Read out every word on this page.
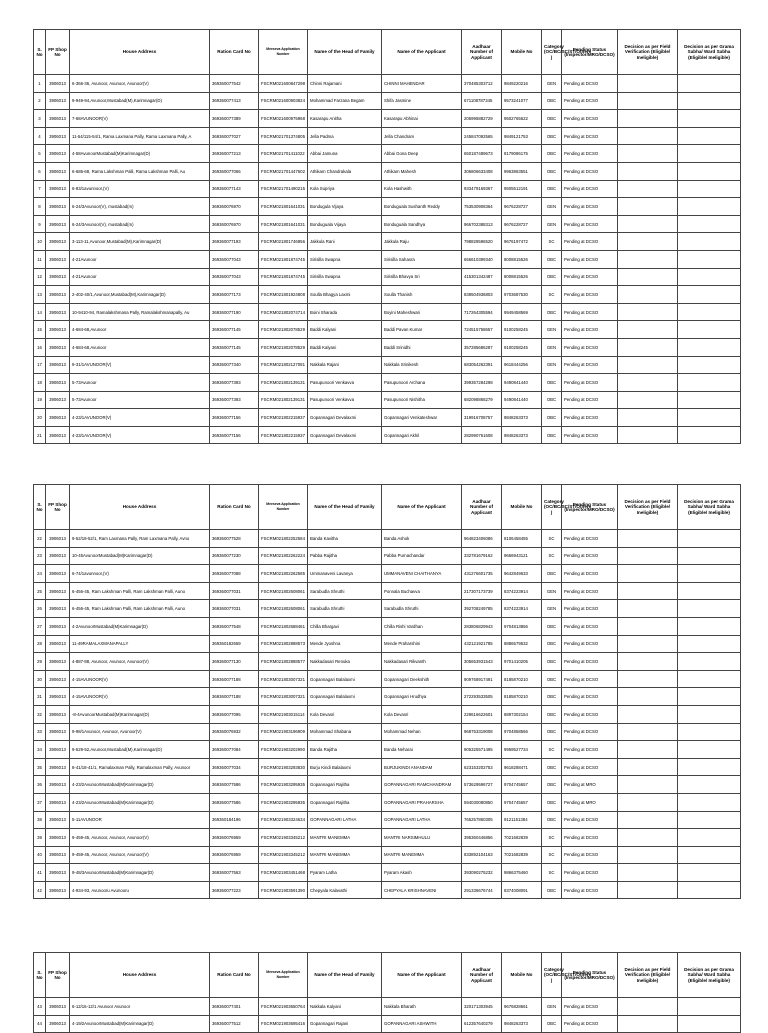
S. No	FP Shop No	House Address	Ration Card No	Meeseva Application Number	Name of the Head of Family	Name of the Applicant	Aadhaar Number of Applicant	Mobile No	Category (OC/BC/SC/ST/Others )	Pending Status (Inspector/MRO/DCSO)	Decision as per Field Verification (Eligible/ Ineligible)	Decision as per Grama Sabha/ Ward Sabha (Eligible/ Ineligible)
1	3906013	6-366-36, Avunoor, Avunoor, Avunoor(V)	369360077542	FSCRM021600847298	Chinni Rajamani	CHINNI MAHENDAR	370485303712	9849220216	GEN	Pending at DCSO		
2	3906013	9-949-94,Avunoor,Mustabad(M),Karimnagar(D)	369360077413	FSCRM021600903824	Mohammad Farzana Begam	Shifa Jasmine	671108787345	9573241077	OBC	Pending at DCSO		
3	3906013	7-68AVUNOOR(V)	369360077389	FSCRM021600975968	Kasarapu Anitha	Kasarapu Abhinai	206995882729	9502765622	OBC	Pending at DCSO		
4	3906013	11-54/115-54/1, Rama Laxmana Pally, Rama Laxmana Pally, A	369360077027	FSCRM021701374805	Jella Padma	Jella Chandram	245847092565	9849121753	OBC	Pending at DCSO		
5	3906013	4-58AvunoorMustabad(M)Karimnagar(D)	369360077213	FSCRM021701411022	Abbai Jamuna	Abbai Gona Deep	650187489673	8179086175	OBC	Pending at DCSO		
6	3906013	6-686-68, Rama Lakshman Palli, Rama Lakshman Palli, Au	369360077066	FSCRM021701447602	Athikam Chandrakala	Athikam Mahesh	306806633408	9963863551	OBC	Pending at DCSO		
7	3906013	6-83/1avunnoor,(V)	369360077143	FSCRM021701490215	Kola Supriya	Kola Hashwith	933479169367	9505512191	OBC	Pending at DCSO		
8	3906013	6-24/3Avunoor(V), mustabad(m)	369360076970	FSCRM021801641031	Bondugula Vijaya	Bonduguala Sushanth Reddy	753530908364	9676228727	GEN	Pending at DCSO		
9	3906013	6-24/3Avunoor(V), mustabad(m)	369360076970	FSCRM021801641031	Bonduguala Vijaya	Bonduguala Sandhya	966702388313	9676228727	GEN	Pending at DCSO		
10	3906013	3-113-11,Avunoor,Mustabad(M),Karimnagar(D)	369360077193	FSCRM021801746956	Jakkula Rani	Jakkula Raju	798828596520	9676197472	SC	Pending at DCSO		
11	3906013	4-21Avunoor	369360077043	FSCRM021801874745	Sirisilla Swapna	Sirisilla Sahasra	656610399340	8008815526	OBC	Pending at DCSO		
12	3906013	4-21Avunoor	369360077043	FSCRM021801874745	Sirisilla Swapna	Sirisilla Bhavya Sri	415301342487	8008815526	OBC	Pending at DCSO		
13	3906013	2-402-40/1,Avunoor,Mustabad(M),Karimnagar(D)	369360077173	FSCRM021801924808	Soulla Bhagya Laxmi	Soulla Thanish	839504936803	9703687530	SC	Pending at DCSO		
14	3906013	10-9410-94, Ramalakshmana Pally, Ramalakshmanapally, Au	369360077190	FSCRM021802074714	Boini Sharada	Boyini Maheshwari	717264305594	9949458569	OBC	Pending at DCSO		
15	3906013	4-684-68,Avunoor	369360077145	FSCRM021802078529	Baddi Kalyani	Baddi Pavan Kumar	724515758657	9100258245	GEN	Pending at DCSO		
16	3906013	4-684-68,Avunoor	369360077145	FSCRM021802078529	Baddi Kalyani	Baddi Srinidhi	357285686287	9100258245	GEN	Pending at DCSO		
17	3906013	9-31/1AVUNOOR(V)	369360077340	FSCRM021802127081	Nakkala Rajani	Nakkala Srinikesh	683054262391	9618444256	GEN	Pending at DCSO		
18	3906013	5-73Avunoor	369360077393	FSCRM021802139131	Pasupunoori Venkavva	Pasupunoori Archana	399357284298	9490841440	OBC	Pending at DCSO		
19	3906013	5-73Avunoor	369360077393	FSCRM021802139131	Pasupunoori Venkavva	Pasupunoori Nishitha	682098868279	9490841440	OBC	Pending at DCSO		
20	3906013	4-23/1AVUNOOR(V)	369360077156	FSCRM021802215937	Gopannagari Devalaxmi	Gopannagari Venkateshwar	319916708757	9848263373	OBC	Pending at DCSO		
21	3906013	4-23/1AVUNOOR(V)	369360077156	FSCRM021802215937	Gopannagari Devalaxmi	Gopannagari Akhil	282990761608	9848263373	OBC	Pending at DCSO		
S. No	FP Shop No	House Address	Ration Card No	Meeseva Application Number	Name of the Head of Family	Name of the Applicant	Aadhaar Number of Applicant	Mobile No	Category (OC/BC/SC/ST/Others )	Pending Status (Inspector/MRO/DCSO)	Decision as per Field Verification (Eligible/ Ineligible)	Decision as per Grama Sabha/ Ward Sabha (Eligible/ Ineligible)
22	3906013	9-52/19-52/1, Ram Laxmana Pally, Ram Laxmana Pally, Avno	369360077528	FSCRM021802252584	Banda Kavitha	Banda Ashok	964823406086	8106458455	SC	Pending at DCSO		
23	3906013	10-45AvunoorMustabad(M)Karimnagar(D)	369360077230	FSCRM021802262224	Pabba Rajitha	Pabba Purnachandar	332781679162	9666943121	SC	Pending at DCSO		
24	3906013	6-74/1avunnoor,(V)	369360077088	FSCRM021802262585	Ummanaveni Lavanya	UMMANAVENI CHAITHANYA	431276601735	9642849633	OBC	Pending at DCSO		
25	3906013	6-456-45, Ram Lakshman Palli, Ram Lakshman Palli, Auno	369360077031	FSCRM021802608061	Sarabudla Shruthi	Ponnala Buchavva	217307173739	8374223914	GEN	Pending at DCSO		
26	3906013	6-456-45, Ram Lakshman Palli, Ram Lakshman Palli, Auno	369360077031	FSCRM021802608061	Sarabudla Shruthi	Sarabudla Shruthi	392708249785	8374223914	GEN	Pending at DCSO		
27	3906013	4-2AvunoorMustabad(M)Karimnagar(D)	369360077548	FSCRM021802688461	Chilla Bhargavi	Chilla Rishi Vardhan	283806829943	9704813856	OBC	Pending at DCSO		
28	3906013	11-49RAMALAXMANAPALLY	369360182659	FSCRM021802888573	Mende Jyoshna	Mende Praharshini	432121921785	8886579532	OBC	Pending at DCSO		
29	3906013	4-887-88, Avunoor, Avunoor, Avunoor(V)	369360077130	FSCRM021802888577	Nakkadasari Renuka	Nakkadasari Rikvanth	305653931543	9701410205	OBC	Pending at DCSO		
30	3906013	4-15AVUNOOR(V)	369360077188	FSCRM021803007321	Gopannagari Balalaxmi	Gopannagari Deekshith	909768917491	8185870210	OBC	Pending at DCSO		
31	3906013	4-15AVUNOOR(V)	369360077188	FSCRM021803007321	Gopannagari Balalaxmi	Gopannagari Hrudhya	272293533505	8185870210	OBC	Pending at DCSO		
32	3906013	-8-4AvunoorMustabad(M)Karimnagar(D)	369360077095	FSCRM021903015114	Kola Devasri	Kola Devasri	229616622601	8897302154	OBC	Pending at DCSO		
33	3906013	9-98/1Avunoor, Avunoor, Avunoor(V)	369360076932	FSCRM021903196909	Mohammad Shabana	Mohammad Nehan	968753319008	9704858566	OBC	Pending at DCSO		
34	3906013	9-529-52,Avunoor,Mustabad(M),Karimnagar(D)	369360077084	FSCRM021903202990	Banda Rajitha	Banda Neharai	905325571495	9959527734	SC	Pending at DCSO		
35	3906013	8-41/18-41/1, Ramalaxman Pally, Ramalaxman Pally, Avunoor	369360077034	FSCRM021903293830	Burju Kindi Balalaxmi	BURJUKINDI ANANDAM	623153202753	9618288471	OBC	Pending at DCSO		
36	3906013	4-23/2AvunoorMustabad(M)Karimnagar(D)	369360077586	FSCRM021903295935	Gopannagari Rajitha	GOPANNAGARI RAMCHANDRAM	573629596727	9704745657	OBC	Pending at MRO		
37	3906013	4-23/2AvunoorMustabad(M)Karimnagar(D)	369360077586	FSCRM021903295935	Gopannagari Rajitha	GOPANNAGARI PRAHARSHA	594030080850	9704745657	OBC	Pending at MRO		
38	3906013	5-11AVUNOOR	369360184196	FSCRM021903324634	GOPANNAGARI LATHA	GOPANNAGARI LATHA	765257860305	9121151384	OBC	Pending at DCSO		
39	3906013	9-459-45, Avunoor, Avunoor, Avunoor(V)	369360076959	FSCRM021903345212	MANTRI MANEMMA	MANTRI NARSIMHULU	395360446856	7021682839	SC	Pending at DCSO		
40	3906013	9-459-45, Avunoor, Avunoor, Avunoor(V)	369360076959	FSCRM021903345212	MANTRI MANEMMA	MANTRI MANEMMA	833892104163	7021682839	SC	Pending at DCSO		
41	3906013	9-48/3AvunoorMustabad(M)Karimnagar(D)	369360077563	FSCRM021903451468	Pyaram Latha	Pyaram Akash	393090275232	9866375460	SC	Pending at DCSO		
42	3906013	4-934-93, Avunooru Avunooru	369360077223	FSCRM021903591390	Chepyala Kalavathi	CHEPYALA KRISHNAVENI	291336676744	8374008091	OBC	Pending at DCSO		
S. No	FP Shop No	House Address	Ration Card No	Meeseva Application Number	Name of the Head of Family	Name of the Applicant	Aadhaar Number of Applicant	Mobile No	Category (OC/BC/SC/ST/Others )	Pending Status (Inspector/MRO/DCSO)	Decision as per Field Verification (Eligible/ Ineligible)	Decision as per Grama Sabha/ Ward Sabha (Eligible/ Ineligible)
43	3906013	6-12/16-12/1 Avunoor Avunoor	369360077401	FSCRM021903650764	Nakkala Kalyani	Nakkala Bharath	320171303945	9676828661	GEN	Pending at DCSO		
44	3906013	4-19/2AvunoorMustabad(M)Karimnagar(D)	369360077512	FSCRM021903695416	Gopannagari Rajani	GOPANNAGARI ASHWITH	612357640279	9848263373	OBC	Pending at DCSO		
